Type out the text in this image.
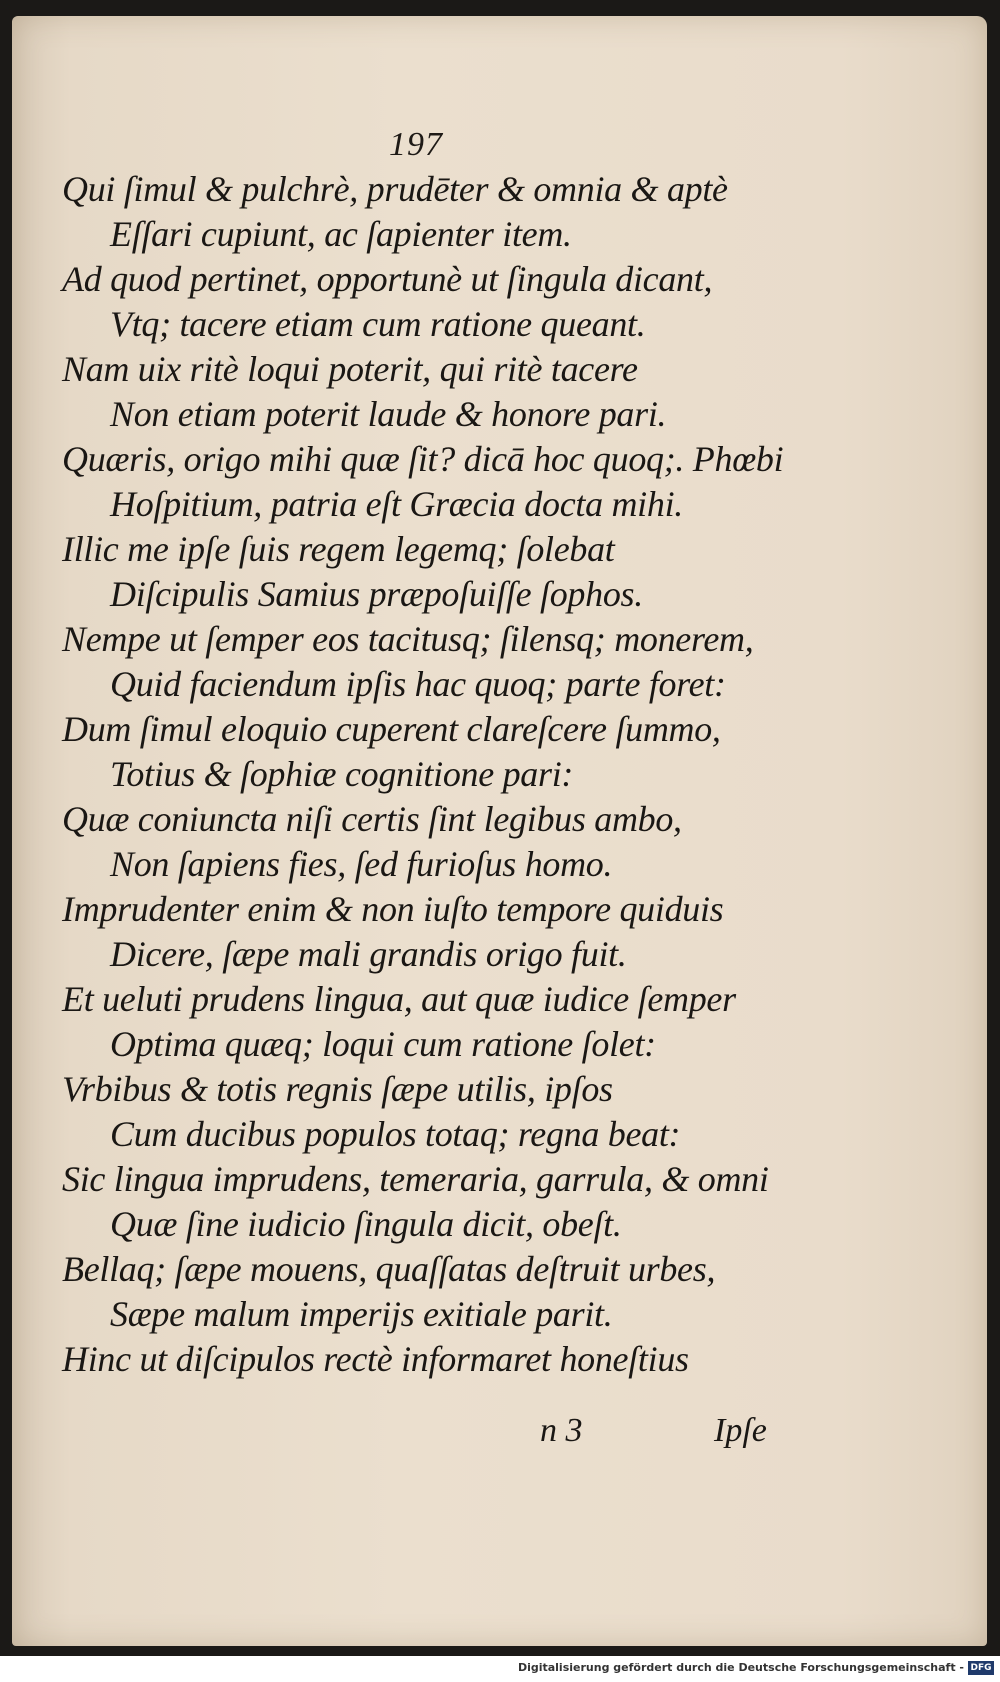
197
Qui ſimul & pulchrè, prudēter & omnia & aptè
Eſſari cupiunt, ac ſapienter item.
Ad quod pertinet, opportunè ut ſingula dicant,
Vtq; tacere etiam cum ratione queant.
Nam uix ritè loqui poterit, qui ritè tacere
Non etiam poterit laude & honore pari.
Quæris, origo mihi quæ ſit? dicā hoc quoq;. Phœbi
Hoſpitium, patria eſt Græcia docta mihi.
Illic me ipſe ſuis regem legemq; ſolebat
Diſcipulis Samius præpoſuiſſe ſophos.
Nempe ut ſemper eos tacitusq; ſilensq; monerem,
Quid faciendum ipſis hac quoq; parte foret:
Dum ſimul eloquio cuperent clareſcere ſummo,
Totius & ſophiæ cognitione pari:
Quæ coniuncta niſi certis ſint legibus ambo,
Non ſapiens fies, ſed furioſus homo.
Imprudenter enim & non iuſto tempore quiduis
Dicere, ſæpe mali grandis origo fuit.
Et ueluti prudens lingua, aut quæ iudice ſemper
Optima quæq; loqui cum ratione ſolet:
Vrbibus & totis regnis ſæpe utilis, ipſos
Cum ducibus populos totaq; regna beat:
Sic lingua imprudens, temeraria, garrula, & omni
Quæ ſine iudicio ſingula dicit, obeſt.
Bellaq; ſæpe mouens, quaſſatas deſtruit urbes,
Sæpe malum imperijs exitiale parit.
Hinc ut diſcipulos rectè informaret honeſtius
n 3	Ipſe
Digitalisierung gefördert durch die Deutsche Forschungsgemeinschaft - DFG
